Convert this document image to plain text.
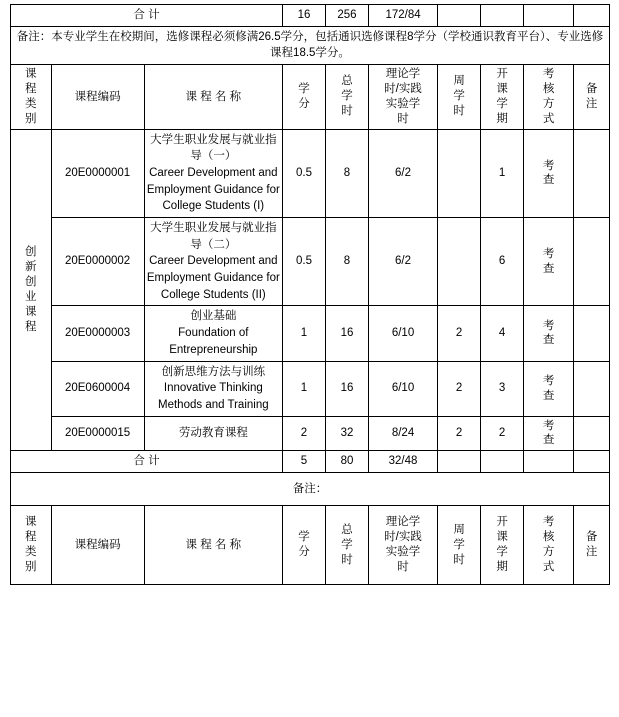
合 计			16	256	172/84				
备注：本专业学生在校期间，选修课程必须修满26.5学分，包括通识选修课程8学分（学校通识教育平台）、专业选修课程18.5学分。									

课程类别	课程编码	课 程 名 称	学分	总学时	理论学时/实践实验学时	周学时	开课学期	考核方式	备注

创新创业课程	20E0000001	大学生职业发展与就业指导（一）
Career Development and Employment Guidance for College Students (I)	0.5	8	6/2		1	考查	

	20E0000002	大学生职业发展与就业指导（二）
Career Development and Employment Guidance for College Students (II)	0.5	8	6/2		6	考查	

	20E0000003	创业基础
Foundation of Entrepreneurship	1	16	6/10	2	4	考查	

	20E0600004	创新思维方法与训练
Innovative Thinking Methods and Training	1	16	6/10	2	3	考查	

	20E0000015	劳动教育课程	2	32	8/24	2	2	考查	

合 计			5	80	32/48				
备注：									

课程类别	课程编码	课 程 名 称	学分	总学时	理论学时/实践实验学时	周学时	开课学期	考核方式	备注
